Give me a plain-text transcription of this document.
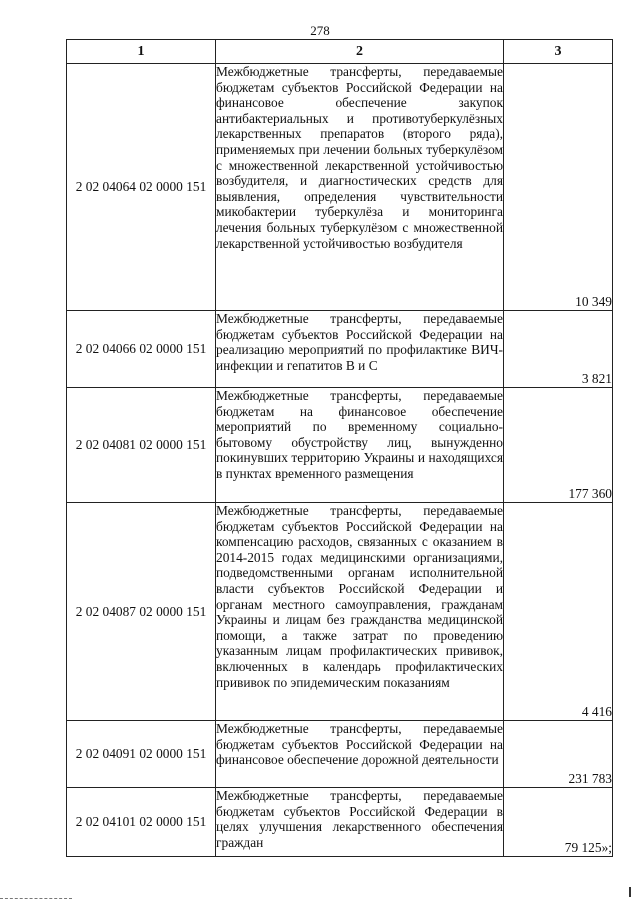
278
1	2	3
2 02 04064 02 0000 151	Межбюджетные трансферты, передаваемые бюджетам субъектов Российской Федерации на финансовое обеспечение закупок антибактериальных и противотуберкулёзных лекарственных препаратов (второго ряда), применяемых при лечении больных туберкулёзом с множественной лекарственной устойчивостью возбудителя, и диагностических средств для выявления, определения чувствительности микобактерии туберкулёза и мониторинга лечения больных туберкулёзом с множественной лекарственной устойчивостью возбудителя	10 349
2 02 04066 02 0000 151	Межбюджетные трансферты, передаваемые бюджетам субъектов Российской Федерации на реализацию мероприятий по профилактике ВИЧ-инфекции и гепатитов B и C	3 821
2 02 04081 02 0000 151	Межбюджетные трансферты, передаваемые бюджетам на финансовое обеспечение мероприятий по временному социально-бытовому обустройству лиц, вынужденно покинувших территорию Украины и находящихся в пунктах временного размещения	177 360
2 02 04087 02 0000 151	Межбюджетные трансферты, передаваемые бюджетам субъектов Российской Федерации на компенсацию расходов, связанных с оказанием в 2014-2015 годах медицинскими организациями, подведомственными органам исполнительной власти субъектов Российской Федерации и органам местного самоуправления, гражданам Украины и лицам без гражданства медицинской помощи, а также затрат по проведению указанным лицам профилактических прививок, включенных в календарь профилактических прививок по эпидемическим показаниям	4 416
2 02 04091 02 0000 151	Межбюджетные трансферты, передаваемые бюджетам субъектов Российской Федерации на финансовое обеспечение дорожной деятельности	231 783
2 02 04101 02 0000 151	Межбюджетные трансферты, передаваемые бюджетам субъектов Российской Федерации в целях улучшения лекарственного обеспечения граждан	79 125»;
